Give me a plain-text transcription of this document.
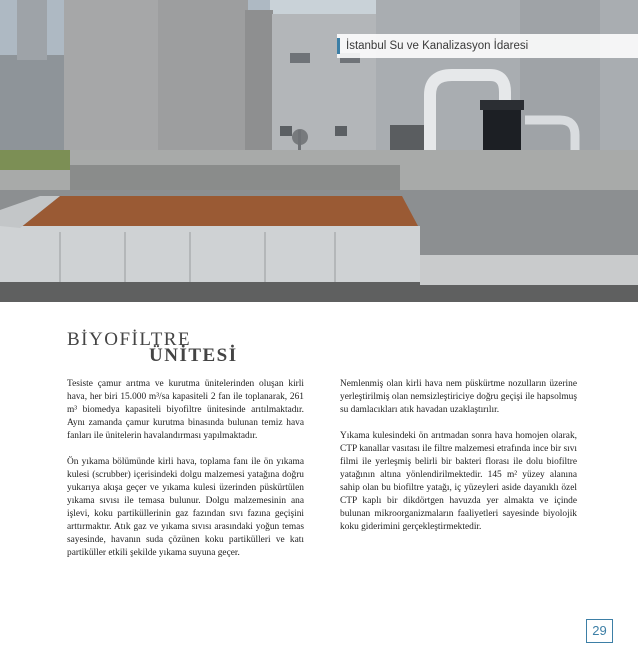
İstanbul Su ve Kanalizasyon İdaresi
BİYOFİLTRE
ÜNİTESİ

Tesiste çamur arıtma ve kurutma ünitelerinden oluşan kirli hava, her biri 15.000 m³/sa kapasiteli 2 fan ile toplanarak, 261 m³ biomedya kapasiteli biyofiltre ünitesinde arıtılmaktadır. Aynı zamanda çamur kurutma binasında bulunan temiz hava fanları ile ünitelerin havalandırması yapılmaktadır.

Ön yıkama bölümünde kirli hava, toplama fanı ile ön yıkama kulesi (scrubber) içerisindeki dolgu malzemesi yatağına doğru yukarıya akışa geçer ve yıkama kulesi üzerinden püskürtülen yıkama sıvısı ile temasa bulunur. Dolgu malzemesinin ana işlevi, koku partiküllerinin gaz fazından sıvı fazına geçişini arttırmaktır. Atık gaz ve yıkama sıvısı arasındaki yoğun temas sayesinde, havanın suda çözünen koku partikülleri ve katı partiküller etkili şekilde yıkama suyuna geçer.

Nemlenmiş olan kirli hava nem püskürtme nozulların üzerine yerleştirilmiş olan nemsizleştiriciye doğru geçişi ile hapsolmuş su damlacıkları atık havadan uzaklaştırılır.

Yıkama kulesindeki ön arıtmadan sonra hava homojen olarak, CTP kanallar vasıtası ile filtre malzemesi etrafında ince bir sıvı filmi ile yerleşmiş belirli bir bakteri florası ile dolu biofiltre yatağının altına yönlendirilmektedir. 145 m² yüzey alanına sahip olan bu biofiltre yatağı, iç yüzeyleri aside dayanıklı özel CTP kaplı bir dikdörtgen havuzda yer almakta ve içinde bulunan mikroorganizmaların faaliyetleri sayesinde biyolojik koku giderimini gerçekleştirmektedir.

29
